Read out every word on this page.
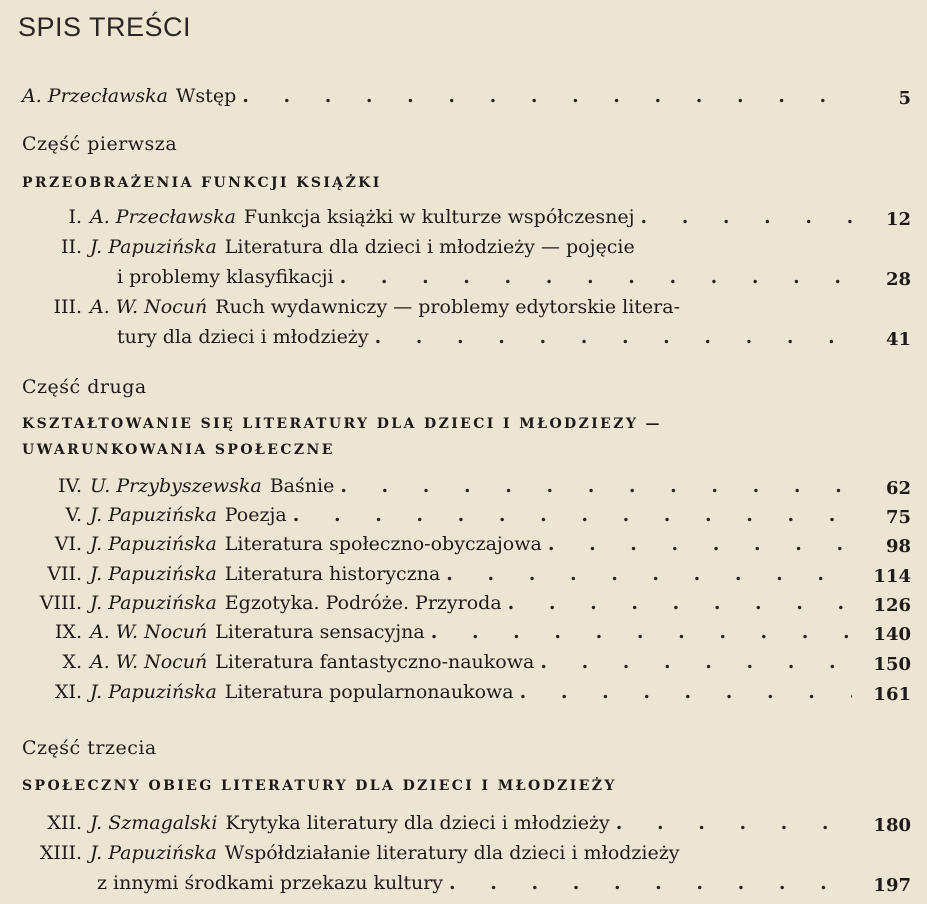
SPIS TREŚCI
A. Przecławska Wstęp . . .	5
Część pierwsza
PRZEOBRAŻENIA FUNKCJI KSIĄŻKI
I. A. Przecławska Funkcja książki w kulturze współczesnej . . .	12
II. J. Papuzińska Literatura dla dzieci i młodzieży — pojęcie
i problemy klasyfikacji . . .	28
III. A. W. Nocuń Ruch wydawniczy — problemy edytorskie litera-
tury dla dzieci i młodzieży . . .	41
Część druga
KSZTAŁTOWANIE SIĘ LITERATURY DLA DZIECI I MŁODZIEZY —
UWARUNKOWANIA SPOŁECZNE
IV. U. Przybyszewska Baśnie . . .	62
V. J. Papuzińska Poezja . . .	75
VI. J. Papuzińska Literatura społeczno-obyczajowa . . .	98
VII. J. Papuzińska Literatura historyczna . . .	114
VIII. J. Papuzińska Egzotyka. Podróże. Przyroda . . .	126
IX. A. W. Nocuń Literatura sensacyjna . . .	140
X. A. W. Nocuń Literatura fantastyczno-naukowa . . .	150
XI. J. Papuzińska Literatura popularnonaukowa . . .	161
Część trzecia
SPOŁECZNY OBIEG LITERATURY DLA DZIECI I MŁODZIEŻY
XII. J. Szmagalski Krytyka literatury dla dzieci i młodzieży . . .	180
XIII. J. Papuzińska Współdziałanie literatury dla dzieci i młodzieży
z innymi środkami przekazu kultury . . .	197
